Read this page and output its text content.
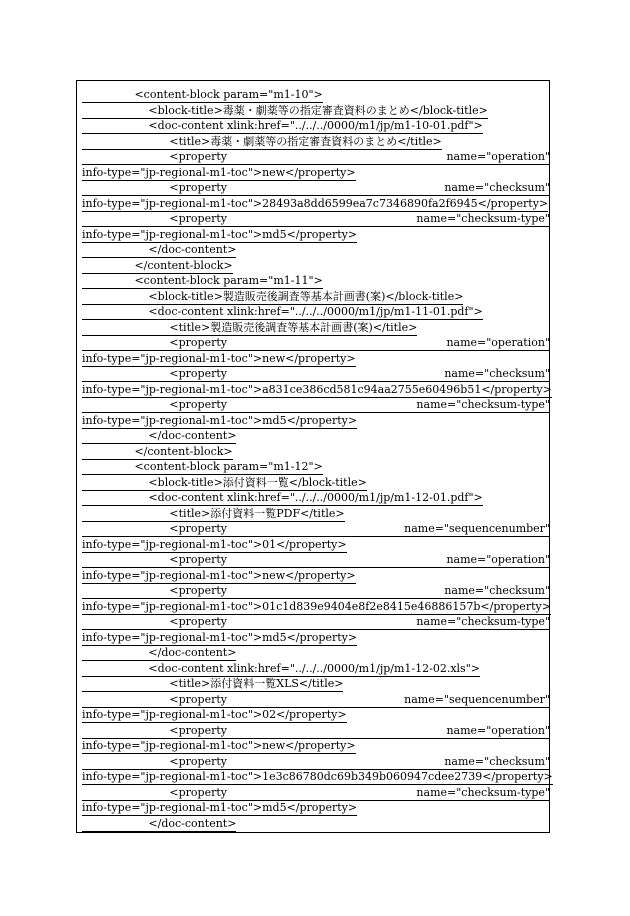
<content-block param="m1-10">
<block-title>毒薬・劇薬等の指定審査資料のまとめ</block-title>
<doc-content xlink:href="../../../0000/m1/jp/m1-10-01.pdf">
<title>毒薬・劇薬等の指定審査資料のまとめ</title>
<property	name="operation"
info-type="jp-regional-m1-toc">new</property>
<property	name="checksum"
info-type="jp-regional-m1-toc">28493a8dd6599ea7c7346890fa2f6945</property>
<property	name="checksum-type"
info-type="jp-regional-m1-toc">md5</property>
</doc-content>
</content-block>
<content-block param="m1-11">
<block-title>製造販売後調査等基本計画書(案)</block-title>
<doc-content xlink:href="../../../0000/m1/jp/m1-11-01.pdf">
<title>製造販売後調査等基本計画書(案)</title>
<property	name="operation"
info-type="jp-regional-m1-toc">new</property>
<property	name="checksum"
info-type="jp-regional-m1-toc">a831ce386cd581c94aa2755e60496b51</property>
<property	name="checksum-type"
info-type="jp-regional-m1-toc">md5</property>
</doc-content>
</content-block>
<content-block param="m1-12">
<block-title>添付資料一覧</block-title>
<doc-content xlink:href="../../../0000/m1/jp/m1-12-01.pdf">
<title>添付資料一覧PDF</title>
<property	name="sequencenumber"
info-type="jp-regional-m1-toc">01</property>
<property	name="operation"
info-type="jp-regional-m1-toc">new</property>
<property	name="checksum"
info-type="jp-regional-m1-toc">01c1d839e9404e8f2e8415e46886157b</property>
<property	name="checksum-type"
info-type="jp-regional-m1-toc">md5</property>
</doc-content>
<doc-content xlink:href="../../../0000/m1/jp/m1-12-02.xls">
<title>添付資料一覧XLS</title>
<property	name="sequencenumber"
info-type="jp-regional-m1-toc">02</property>
<property	name="operation"
info-type="jp-regional-m1-toc">new</property>
<property	name="checksum"
info-type="jp-regional-m1-toc">1e3c86780dc69b349b060947cdee2739</property>
<property	name="checksum-type"
info-type="jp-regional-m1-toc">md5</property>
</doc-content>
